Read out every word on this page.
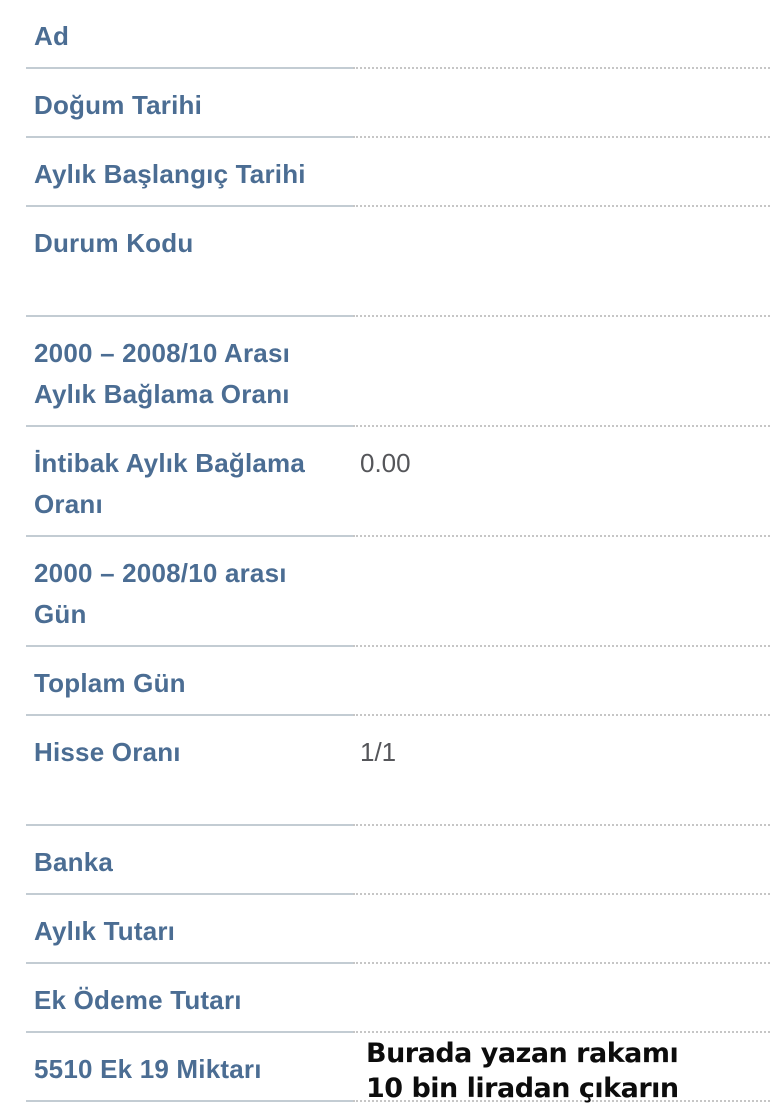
Ad
Doğum Tarihi
Aylık Başlangıç Tarihi
Durum Kodu
2000 – 2008/10 Arası Aylık Bağlama Oranı
İntibak Aylık Bağlama Oranı
0.00
2000 – 2008/10 arası Gün
Toplam Gün
Hisse Oranı	1/1
Banka
Aylık Tutarı
Ek Ödeme Tutarı
5510 Ek 19 Miktarı	Burada yazan rakamı
10 bin liradan çıkarın
